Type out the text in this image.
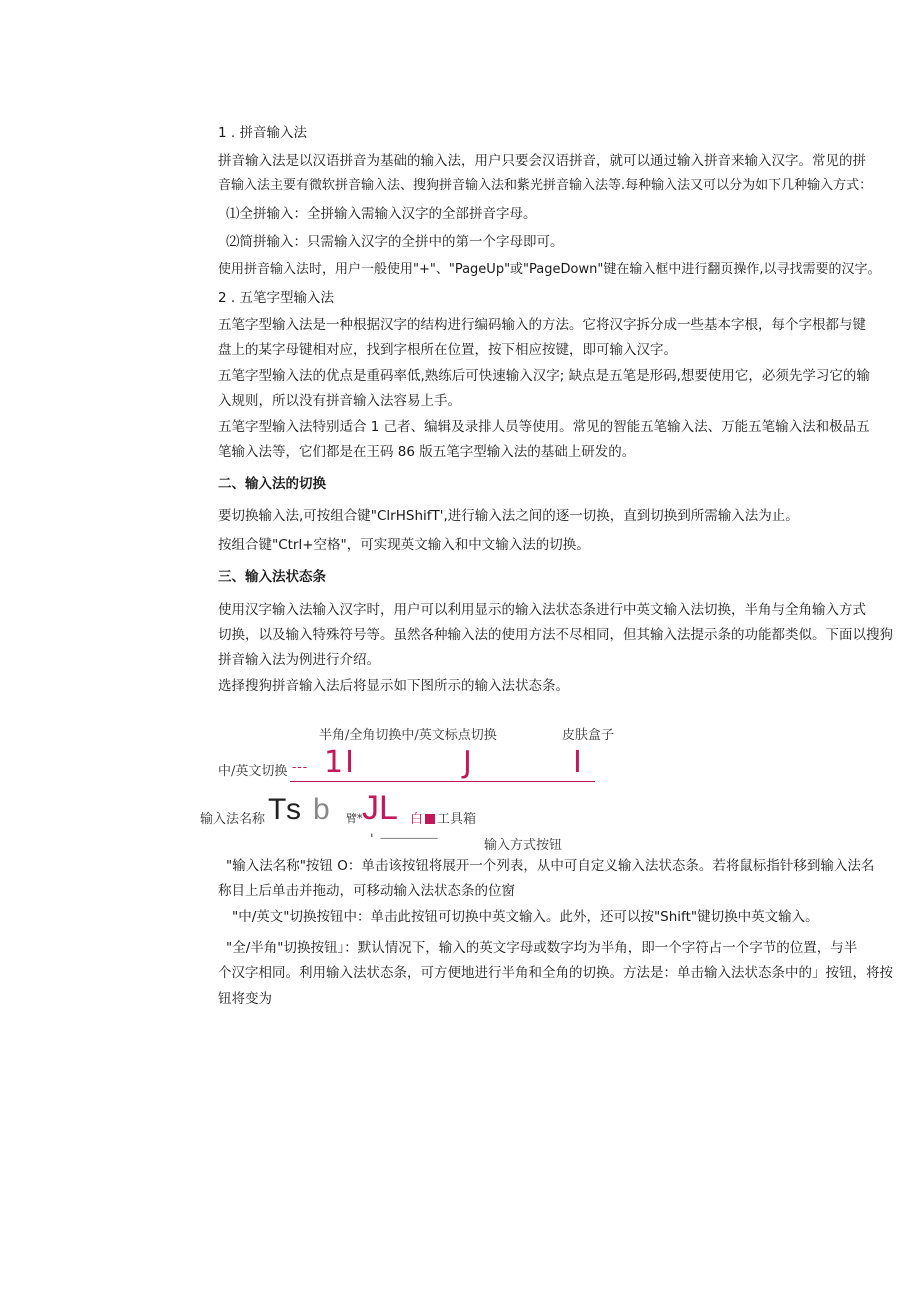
1 . 拼音输入法
拼音输入法是以汉语拼音为基础的输入法，用户只要会汉语拼音，就可以通过输入拼音来输入汉字。常见的拼
音输入法主要有微软拼音输入法、搜狗拼音输入法和紫光拼音输入法等.每种输入法又可以分为如下几种输入方式：
⑴全拼输入：全拼输入需输入汉字的全部拼音字母。
⑵简拼输入：只需输入汉字的全拼中的第一个字母即可。
使用拼音输入法时，用户一般使用"+"、"PageUp"或"PageDown"键在输入框中进行翻页操作,以寻找需要的汉字。
2 . 五笔字型输入法
五笔字型输入法是一种根据汉字的结构进行编码输入的方法。它将汉字拆分成一些基本字根，每个字根都与键
盘上的某字母键相对应，找到字根所在位置，按下相应按键，即可输入汉字。
五笔字型输入法的优点是重码率低,熟练后可快速输入汉字; 缺点是五笔是形码,想要使用它，必须先学习它的输
入规则，所以没有拼音输入法容易上手。
五笔字型输入法特别适合 1 己者、编辑及录排人员等使用。常见的智能五笔输入法、万能五笔输入法和极品五
笔输入法等，它们都是在王码 86 版五笔字型输入法的基础上研发的。
二、输入法的切换
要切换输入法,可按组合键"ClrHShifT',进行输入法之间的逐一切换，直到切换到所需输入法为止。
按组合键"Ctrl+空格"，可实现英文输入和中文输入法的切换。
三、输入法状态条
使用汉字输入法输入汉字时，用户可以利用显示的输入法状态条进行中英文输入法切换，半角与全角输入方式
切换，以及输入特殊符号等。虽然各种输入法的使用方法不尽相同，但其输入法提示条的功能都类似。下面以搜狗
拼音输入法为例进行介绍。
选择搜狗拼音输入法后将显示如下图所示的输入法状态条。
半角/全角切换中/英文标点切换	皮肤盒子
中/英文切换 --- 1I	J	I
输入法名称 Ts b 臂* JL 白 工具箱
' ----------------------------	输入方式按钮
"输入法名称"按钮 O：单击该按钮将展开一个列表，从中可自定义输入法状态条。若将鼠标指针移到输入法名
称目上后单击并拖动，可移动输入法状态条的位窗
"中/英文"切换按钮中：单击此按钮可切换中英文输入。此外，还可以按"Shift"键切换中英文输入。
"全/半角"切换按钮」：默认情况下，输入的英文字母或数字均为半角，即一个字符占一个字节的位置，与半
个汉字相同。利用输入法状态条，可方便地进行半角和全角的切换。方法是：单击输入法状态条中的」按钮，将按
钮将变为
